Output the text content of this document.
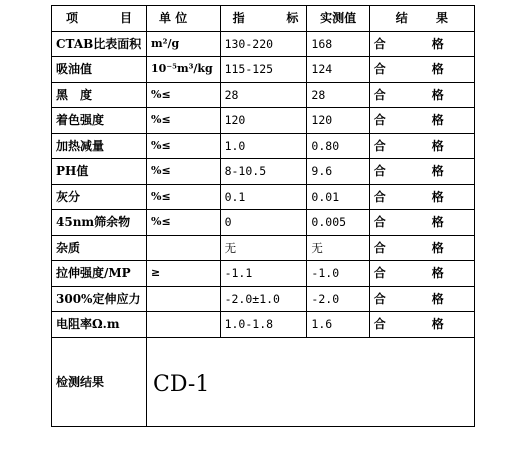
项 目	单 位	指 标	实测值	结 果

CTAB比表面积	m²/g	130-220	168	合 格

吸油值	10⁻⁵m³/kg	115-125	124	合 格

黑　度	%≤	28	28	合 格

着色强度	%≤	120	120	合 格

加热减量	%≤	1.0	0.80	合 格

PH值	%≤	8-10.5	9.6	合 格

灰分	%≤	0.1	0.01	合 格

45nm筛余物	%≤	0	0.005	合 格

杂质		无	无	合 格

拉伸强度/MP	≥	-1.1	-1.0	合 格

300%定伸应力		-2.0±1.0	-2.0	合 格

电阻率Ω.m		1.0-1.8	1.6	合 格

检测结果	CD-1			
